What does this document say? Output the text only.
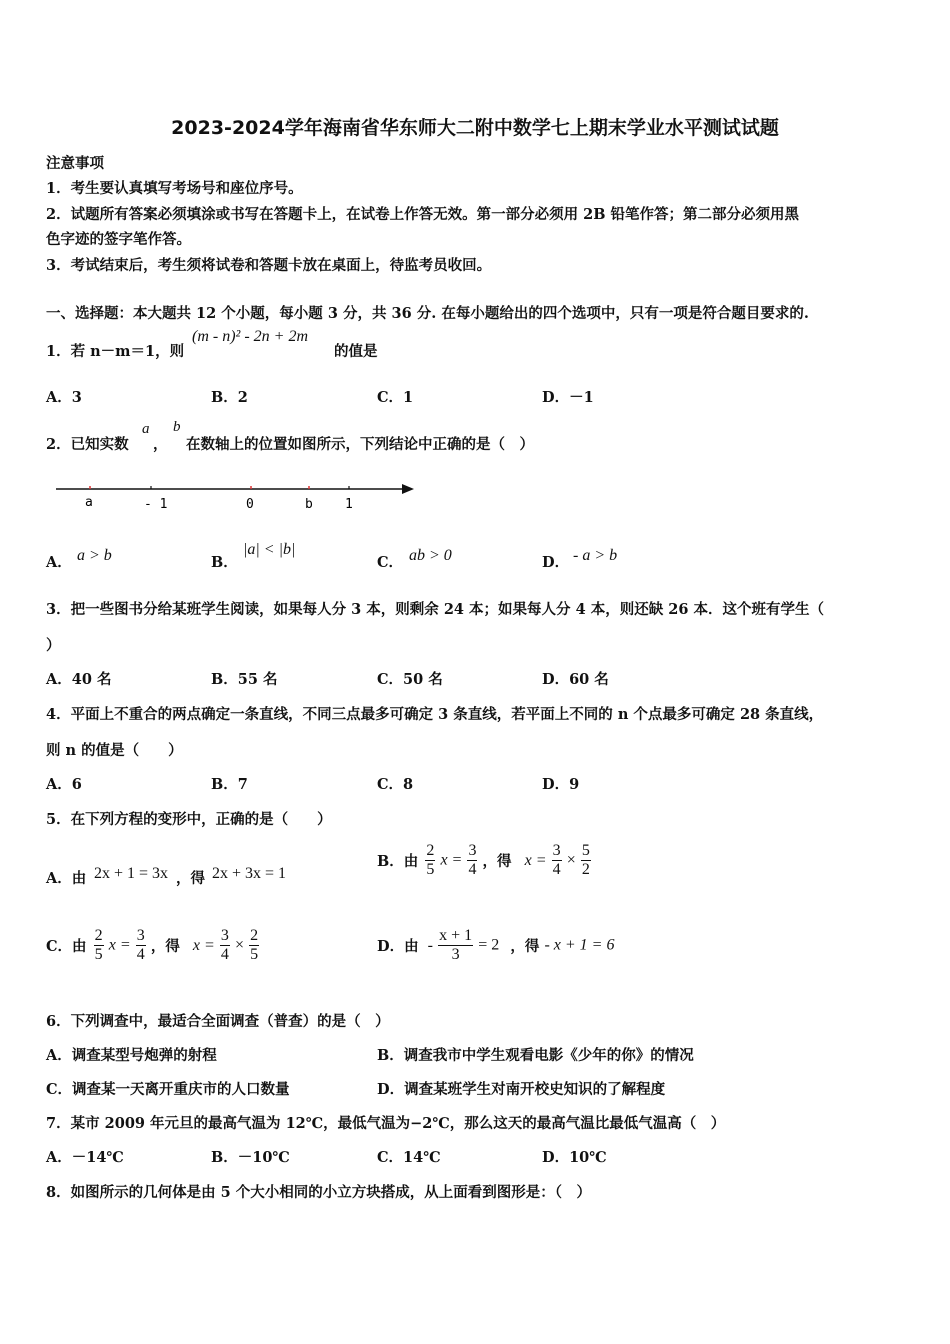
2023-2024学年海南省华东师大二附中数学七上期末学业水平测试试题
注意事项
1．考生要认真填写考场号和座位序号。
2．试题所有答案必须填涂或书写在答题卡上，在试卷上作答无效。第一部分必须用 2B 铅笔作答；第二部分必须用黑
色字迹的签字笔作答。
3．考试结束后，考生须将试卷和答题卡放在桌面上，待监考员收回。
一、选择题：本大题共 12 个小题，每小题 3 分，共 36 分. 在每小题给出的四个选项中，只有一项是符合题目要求的.
1．若 n－m＝1，则
(m - n)² - 2n + 2m
的值是
A．3	B．2	C．1	D．－1
2．已知实数
a
，
b
在数轴上的位置如图所示，下列结论中正确的是（　）
a	- 1	0	b 1
A． a > b	B．
|a| < |b|
C． ab > 0	D． - a > b
3．把一些图书分给某班学生阅读，如果每人分 3 本，则剩余 24 本；如果每人分 4 本，则还缺 26 本．这个班有学生（
）
A．40 名	B．55 名	C．50 名	D．60 名
4．平面上不重合的两点确定一条直线，不同三点最多可确定 3 条直线，若平面上不同的 n 个点最多可确定 28 条直线，
则 n 的值是（　　）
A．6	B．7	C．8	D．9
5．在下列方程的变形中，正确的是（　　）
A．由 2x + 1 = 3x ，得 2x + 3x = 1
B．由 $\frac{2}{5}$ $x = \frac{3}{4}$ ，得 $x = \frac{3}{4} \times \frac{5}{2}$
C．由 $\frac{2}{5}$ $x = \frac{3}{4}$ ，得 $x = \frac{3}{4} \times \frac{2}{5}$	D．由 - $\frac{x + 1}{3} = 2$ ，得 - x + 1 = 6
6．下列调查中，最适合全面调查（普查）的是（　）
A．调查某型号炮弹的射程	B．调查我市中学生观看电影《少年的你》的情况
C．调查某一天离开重庆市的人口数量	D．调查某班学生对南开校史知识的了解程度
7．某市 2009 年元旦的最高气温为 12℃，最低气温为−2℃，那么这天的最高气温比最低气温高（　）
A．－14℃	B．－10℃	C．14℃	D．10℃
8．如图所示的几何体是由 5 个大小相同的小立方块搭成，从上面看到图形是：（　）
